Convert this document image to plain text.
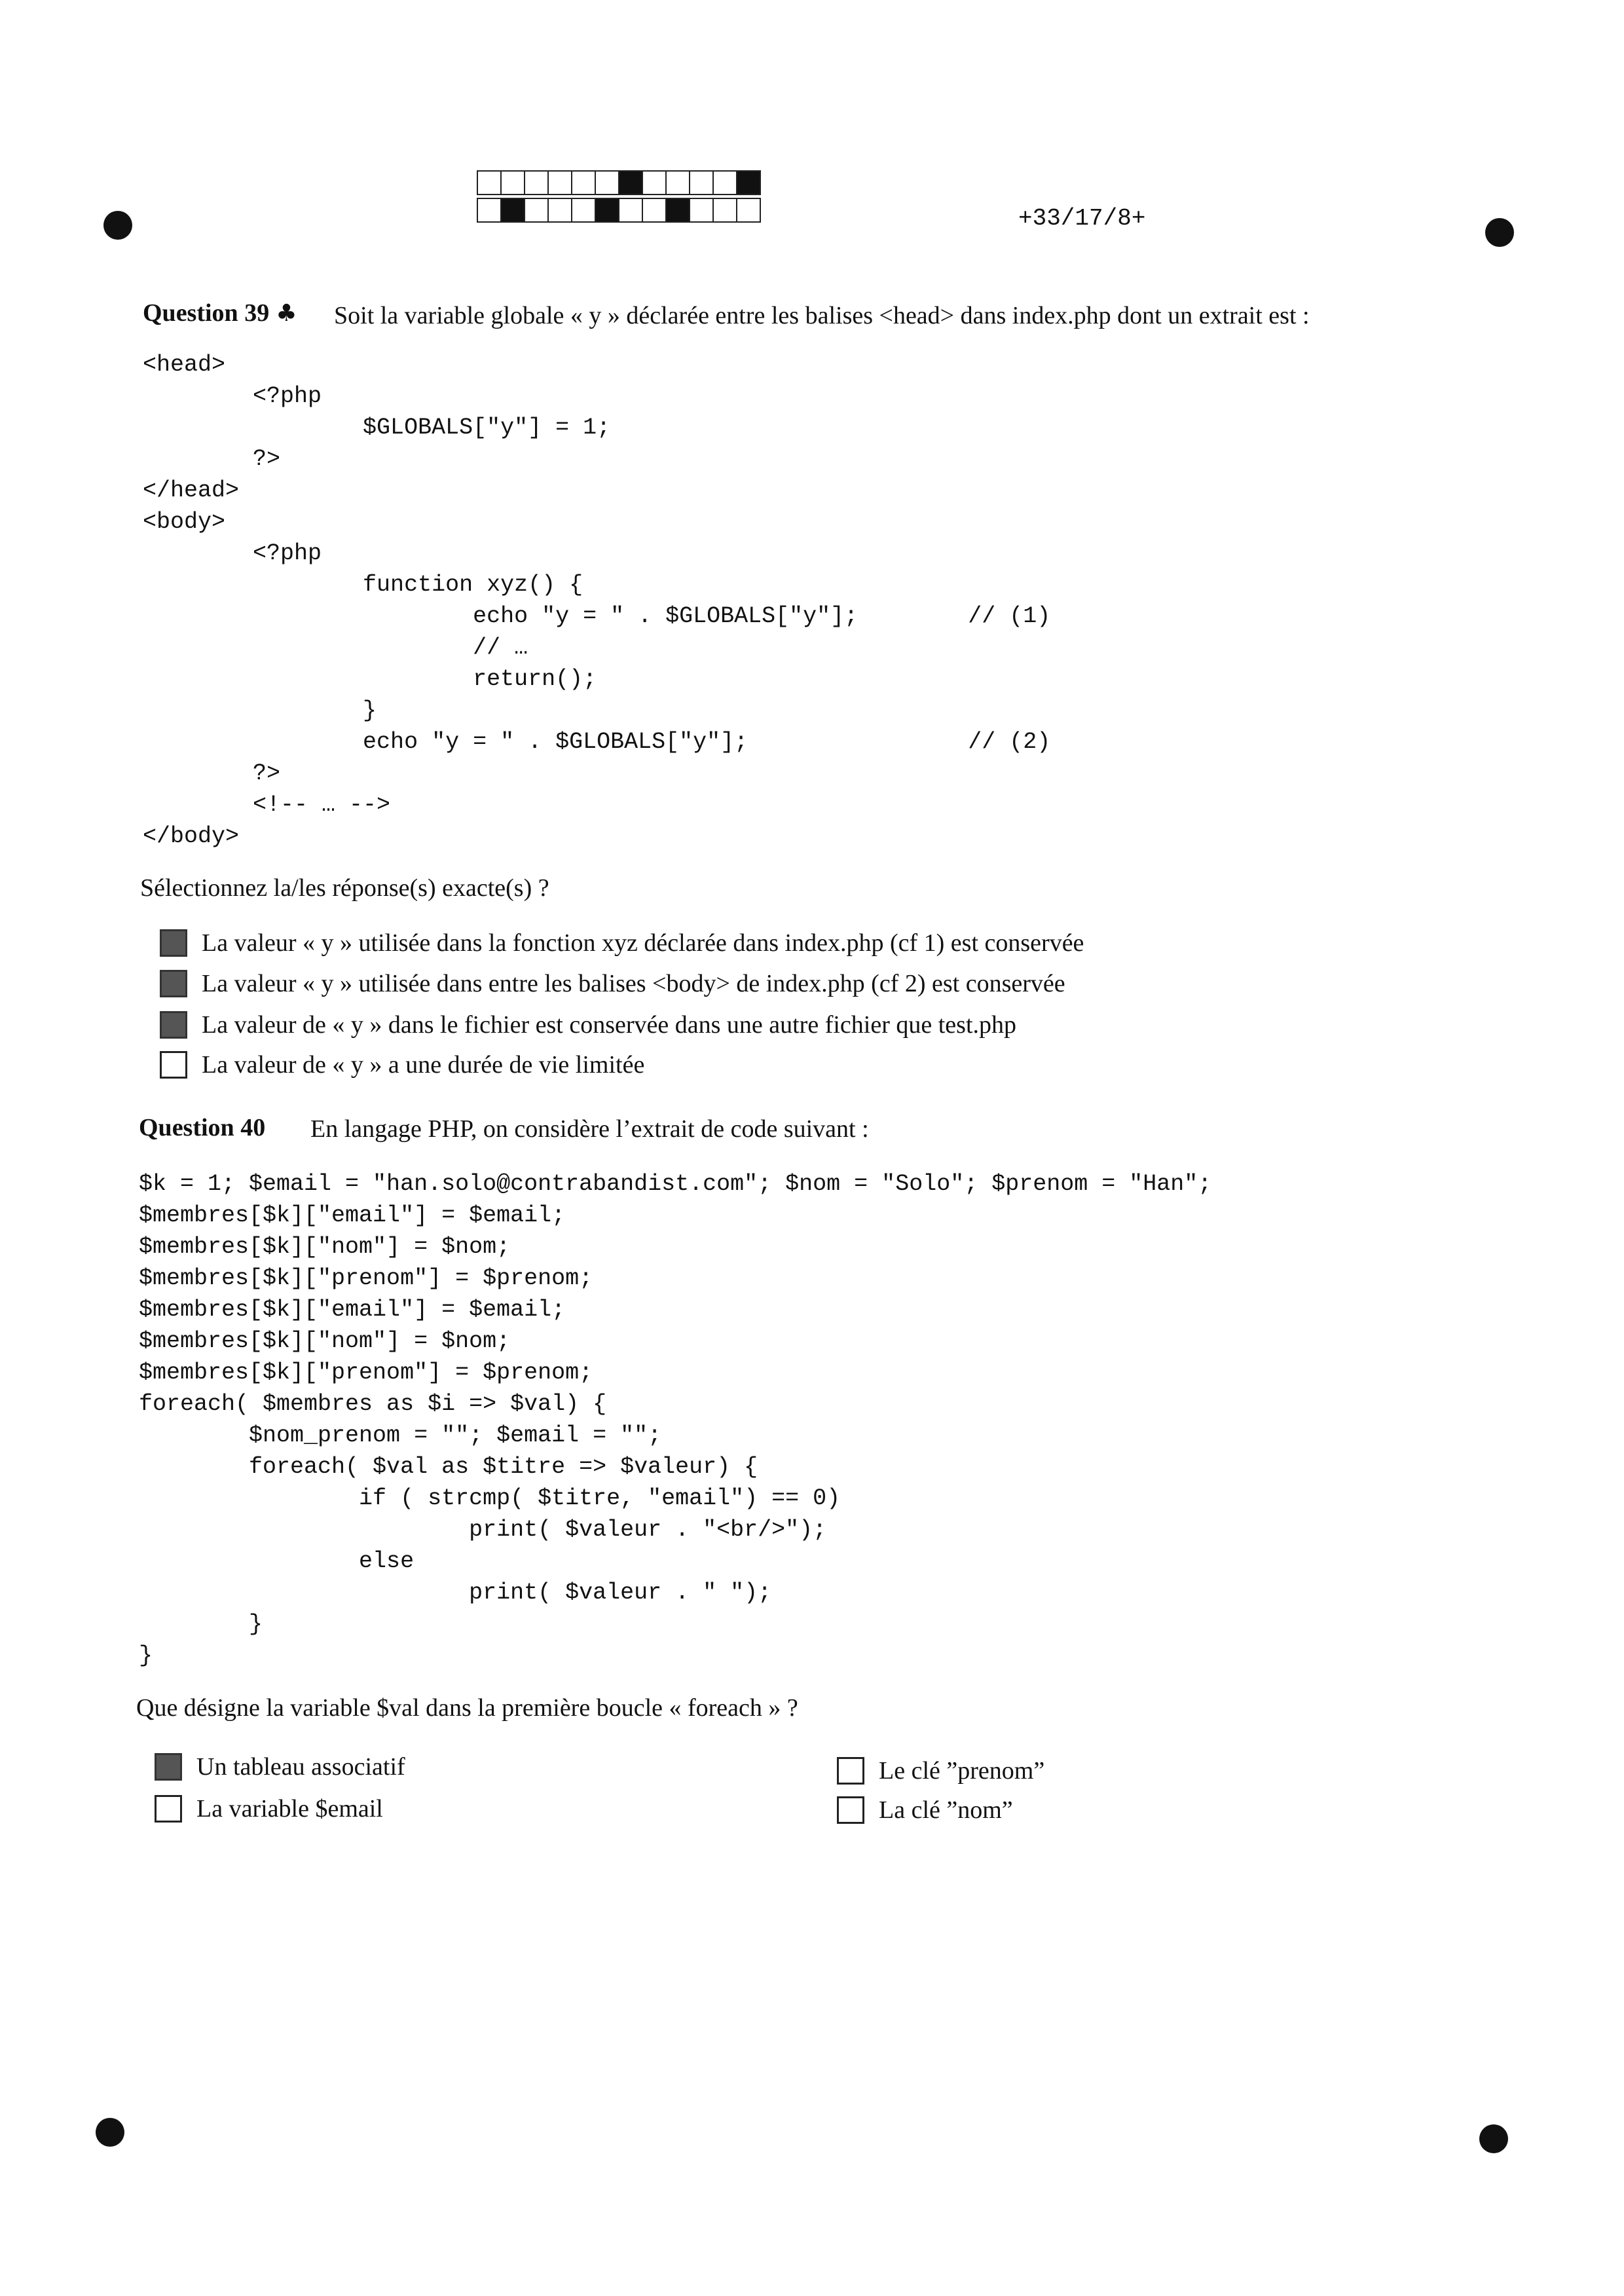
+33/17/8+
Question 39 ♣ Soit la variable globale « y » déclarée entre les balises <head> dans index.php dont un extrait est :
<head>
<?php
$GLOBALS["y"] = 1;
?>
</head>
<body>
<?php
function xyz() {
echo "y = " . $GLOBALS["y"];        // (1)
// …
return();
}
echo "y = " . $GLOBALS["y"];                // (2)
?>
<!-- … -->
</body>
Sélectionnez la/les réponse(s) exacte(s) ?
La valeur « y » utilisée dans la fonction xyz déclarée dans index.php (cf 1) est conservée
La valeur « y » utilisée dans entre les balises <body> de index.php (cf 2) est conservée
La valeur de « y » dans le fichier est conservée dans une autre fichier que test.php
La valeur de « y » a une durée de vie limitée
Question 40 En langage PHP, on considère l’extrait de code suivant :
$k = 1; $email = "han.solo@contrabandist.com"; $nom = "Solo"; $prenom = "Han";
$membres[$k]["email"] = $email;
$membres[$k]["nom"] = $nom;
$membres[$k]["prenom"] = $prenom;
$membres[$k]["email"] = $email;
$membres[$k]["nom"] = $nom;
$membres[$k]["prenom"] = $prenom;
foreach( $membres as $i => $val) {
$nom_prenom = ""; $email = "";
foreach( $val as $titre => $valeur) {
if ( strcmp( $titre, "email") == 0)
print( $valeur . "<br/>");
else
print( $valeur . " ");
}
}
Que désigne la variable $val dans la première boucle « foreach » ?
Un tableau associatif
La variable $email
Le clé ”prenom”
La clé ”nom”
